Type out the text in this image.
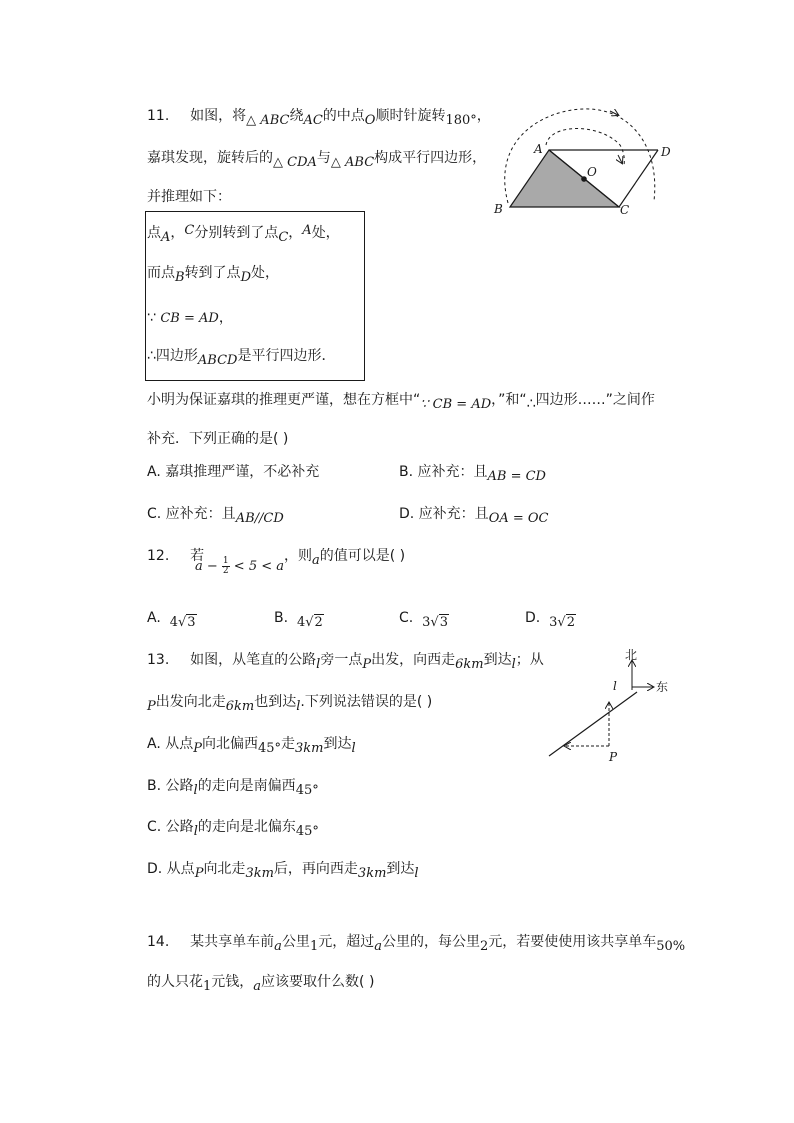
11. 如图，将△ ABC绕AC的中点O顺时针旋转180°，
嘉琪发现，旋转后的△ CDA与△ ABC构成平行四边形，
并推理如下：
点A，C分别转到了点C，A处，
而点B转到了点D处，
∵ CB = AD，
∴四边形ABCD是平行四边形．
小明为保证嘉琪的推理更严谨，想在方框中“∵ CB = AD，”和“∴四边形……”之间作
补充．下列正确的是( )
A. 嘉琪推理严谨，不必补充	B. 应补充：且AB = CD
C. 应补充：且AB//CD	D. 应补充：且OA = OC
A
B	C
D
O
12. 若
$a - \frac{1}{2} < 5 < a$
，则a的值可以是( )
A. 4√3	B. 4√2	C. 3√3	D. 3√2
13. 如图，从笔直的公路l旁一点P出发，向西走6km到达l；从
P出发向北走6km也到达l.下列说法错误的是( )
A. 从点P向北偏西45°走3km到达l
B. 公路l的走向是南偏西45°
C. 公路l的走向是北偏东45°
D. 从点P向北走3km后，再向西走3km到达l
北
东
l
P
14. 某共享单车前a公里1元，超过a公里的，每公里2元，若要使使用该共享单车50%
的人只花1元钱，a应该要取什么数( )
